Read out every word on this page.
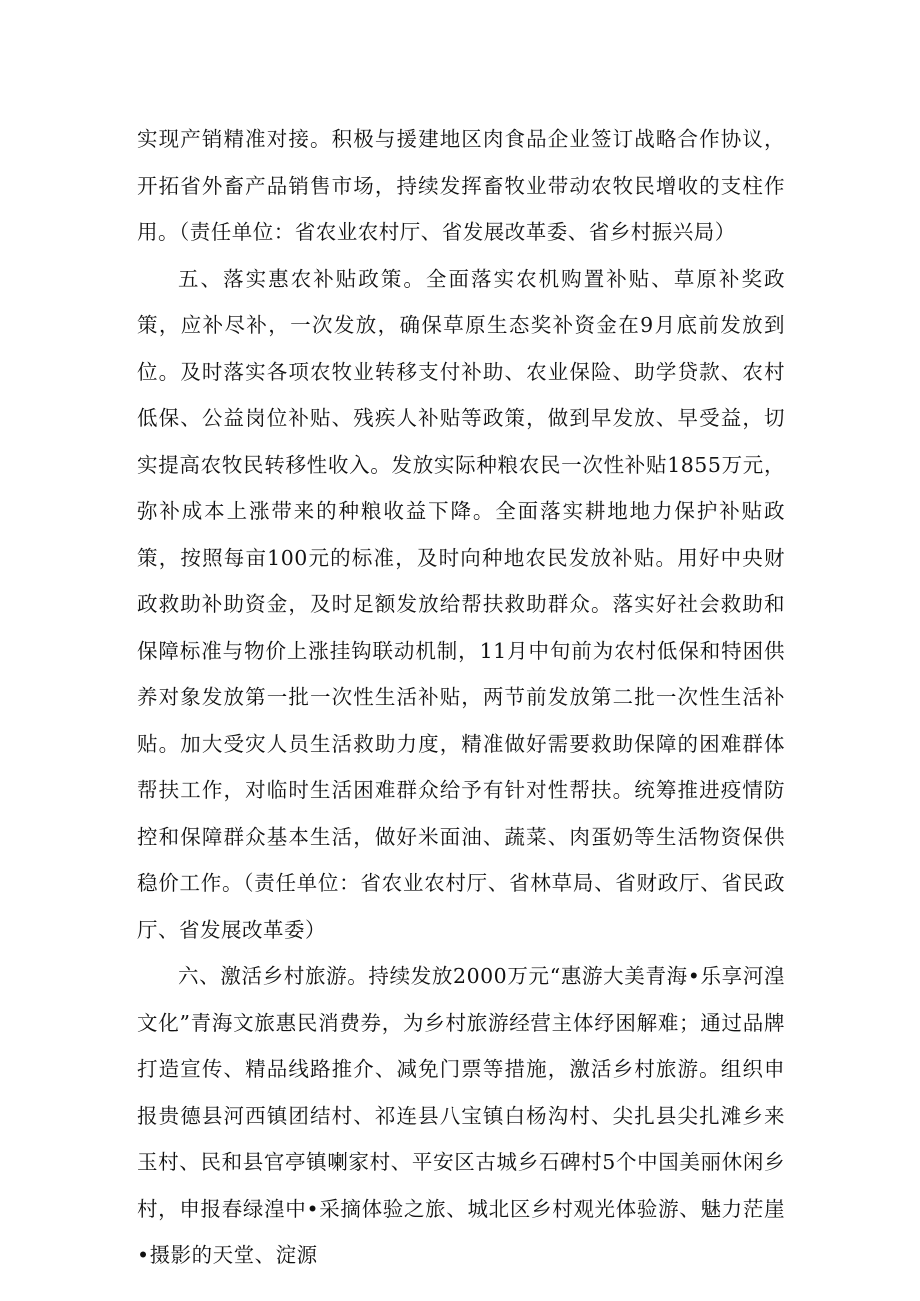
实现产销精准对接。积极与援建地区肉食品企业签订战略合作协议，开拓省外畜产品销售市场，持续发挥畜牧业带动农牧民增收的支柱作用。（责任单位：省农业农村厅、省发展改革委、省乡村振兴局）

五、落实惠农补贴政策。全面落实农机购置补贴、草原补奖政策，应补尽补，一次发放，确保草原生态奖补资金在9月底前发放到位。及时落实各项农牧业转移支付补助、农业保险、助学贷款、农村低保、公益岗位补贴、残疾人补贴等政策，做到早发放、早受益，切实提高农牧民转移性收入。发放实际种粮农民一次性补贴1855万元，弥补成本上涨带来的种粮收益下降。全面落实耕地地力保护补贴政策，按照每亩100元的标准，及时向种地农民发放补贴。用好中央财政救助补助资金，及时足额发放给帮扶救助群众。落实好社会救助和保障标准与物价上涨挂钩联动机制，11月中旬前为农村低保和特困供养对象发放第一批一次性生活补贴，两节前发放第二批一次性生活补贴。加大受灾人员生活救助力度，精准做好需要救助保障的困难群体帮扶工作，对临时生活困难群众给予有针对性帮扶。统筹推进疫情防控和保障群众基本生活，做好米面油、蔬菜、肉蛋奶等生活物资保供稳价工作。（责任单位：省农业农村厅、省林草局、省财政厅、省民政厅、省发展改革委）

六、激活乡村旅游。持续发放2000万元“惠游大美青海•乐享河湟文化”青海文旅惠民消费券，为乡村旅游经营主体纾困解难；通过品牌打造宣传、精品线路推介、减免门票等措施，激活乡村旅游。组织申报贵德县河西镇团结村、祁连县八宝镇白杨沟村、尖扎县尖扎滩乡来玉村、民和县官亭镇喇家村、平安区古城乡石碑村5个中国美丽休闲乡村，申报春绿湟中•采摘体验之旅、城北区乡村观光体验游、魅力茫崖•摄影的天堂、淀源
